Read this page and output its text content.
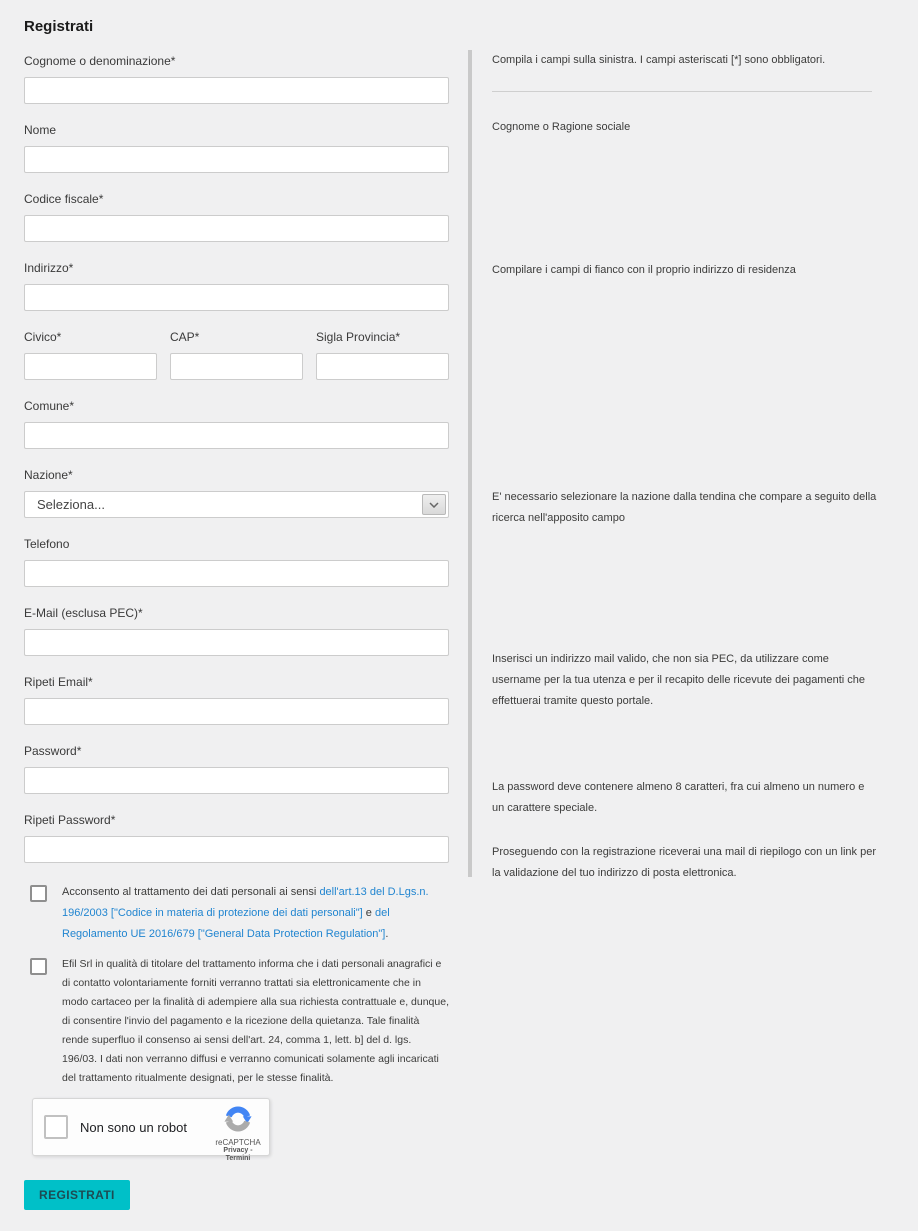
Registrati
Cognome o denominazione*
Nome
Codice fiscale*
Indirizzo*
Civico*	CAP*	Sigla Provincia*
Comune*
Nazione*
Seleziona...
Telefono
E-Mail (esclusa PEC)*
Ripeti Email*
Password*
Ripeti Password*

Acconsento al trattamento dei dati personali ai sensi dell'art.13 del D.Lgs.n. 196/2003 ["Codice in materia di protezione dei dati personali"] e del Regolamento UE 2016/679 ["General Data Protection Regulation"].

Efil Srl in qualità di titolare del trattamento informa che i dati personali anagrafici e di contatto volontariamente forniti verranno trattati sia elettronicamente che in modo cartaceo per la finalità di adempiere alla sua richiesta contrattuale e, dunque, di consentire l'invio del pagamento e la ricezione della quietanza. Tale finalità rende superfluo il consenso ai sensi dell'art. 24, comma 1, lett. b] del d. lgs. 196/03. I dati non verranno diffusi e verranno comunicati solamente agli incaricati del trattamento ritualmente designati, per le stesse finalità.

Non sono un robot
reCAPTCHA
Privacy - Termini
REGISTRATI

Compila i campi sulla sinistra. I campi asteriscati [*] sono obbligatori.

Cognome o Ragione sociale

Compilare i campi di fianco con il proprio indirizzo di residenza

E' necessario selezionare la nazione dalla tendina che compare a seguito della ricerca nell'apposito campo

Inserisci un indirizzo mail valido, che non sia PEC, da utilizzare come username per la tua utenza e per il recapito delle ricevute dei pagamenti che effettuerai tramite questo portale.

La password deve contenere almeno 8 caratteri, fra cui almeno un numero e un carattere speciale.

Proseguendo con la registrazione riceverai una mail di riepilogo con un link per la validazione del tuo indirizzo di posta elettronica.
